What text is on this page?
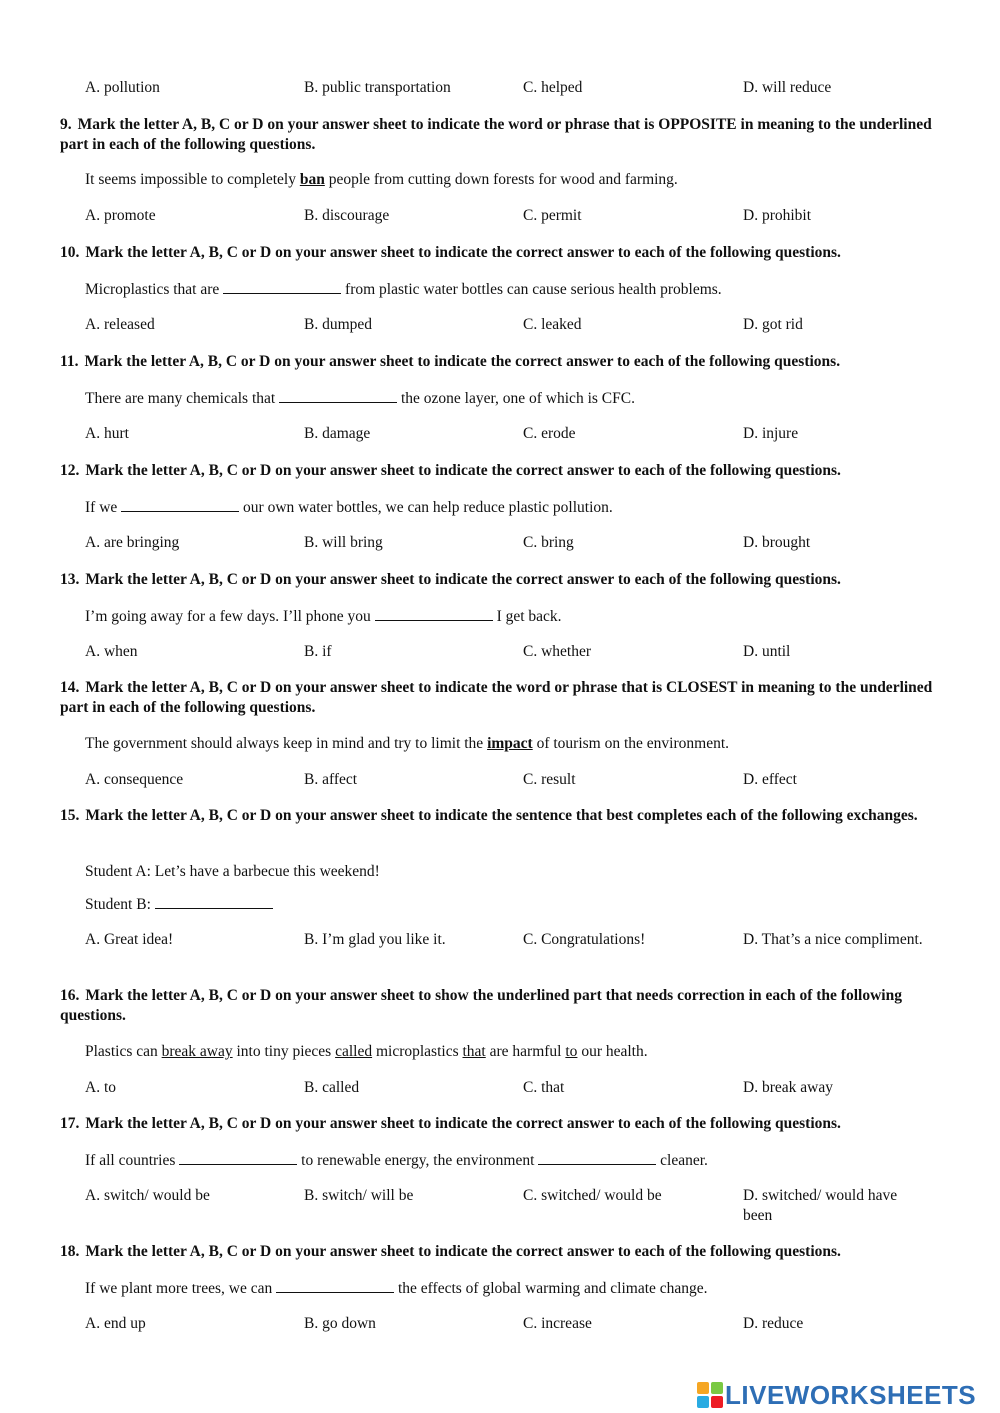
A. pollution	B. public transportation	C. helped	D. will reduce
9. Mark the letter A, B, C or D on your answer sheet to indicate the word or phrase that is OPPOSITE in meaning to the underlined part in each of the following questions.
It seems impossible to completely ban people from cutting down forests for wood and farming.
A. promote	B. discourage	C. permit	D. prohibit
10. Mark the letter A, B, C or D on your answer sheet to indicate the correct answer to each of the following questions.
Microplastics that are	from plastic water bottles can cause serious health problems.
A. released	B. dumped	C. leaked	D. got rid
11. Mark the letter A, B, C or D on your answer sheet to indicate the correct answer to each of the following questions.
There are many chemicals that	the ozone layer, one of which is CFC.
A. hurt	B. damage	C. erode	D. injure
12. Mark the letter A, B, C or D on your answer sheet to indicate the correct answer to each of the following questions.
If we	our own water bottles, we can help reduce plastic pollution.
A. are bringing	B. will bring	C. bring	D. brought
13. Mark the letter A, B, C or D on your answer sheet to indicate the correct answer to each of the following questions.
I’m going away for a few days. I’ll phone you	I get back.
A. when	B. if	C. whether	D. until
14. Mark the letter A, B, C or D on your answer sheet to indicate the word or phrase that is CLOSEST in meaning to the underlined part in each of the following questions.
The government should always keep in mind and try to limit the impact of tourism on the environment.
A. consequence	B. affect	C. result	D. effect
15. Mark the letter A, B, C or D on your answer sheet to indicate the sentence that best completes each of the following exchanges.
Student A: Let’s have a barbecue this weekend!
Student B:
A. Great idea!	B. I’m glad you like it.	C. Congratulations!	D. That’s a nice compliment.
16. Mark the letter A, B, C or D on your answer sheet to show the underlined part that needs correction in each of the following questions.
Plastics can break away into tiny pieces called microplastics that are harmful to our health.
A. to	B. called	C. that	D. break away
17. Mark the letter A, B, C or D on your answer sheet to indicate the correct answer to each of the following questions.
If all countries	to renewable energy, the environment	cleaner.
A. switch/ would be	B. switch/ will be	C. switched/ would be	D. switched/ would have been
18. Mark the letter A, B, C or D on your answer sheet to indicate the correct answer to each of the following questions.
If we plant more trees, we can	the effects of global warming and climate change.
A. end up	B. go down	C. increase	D. reduce
LIVEWORKSHEETS
